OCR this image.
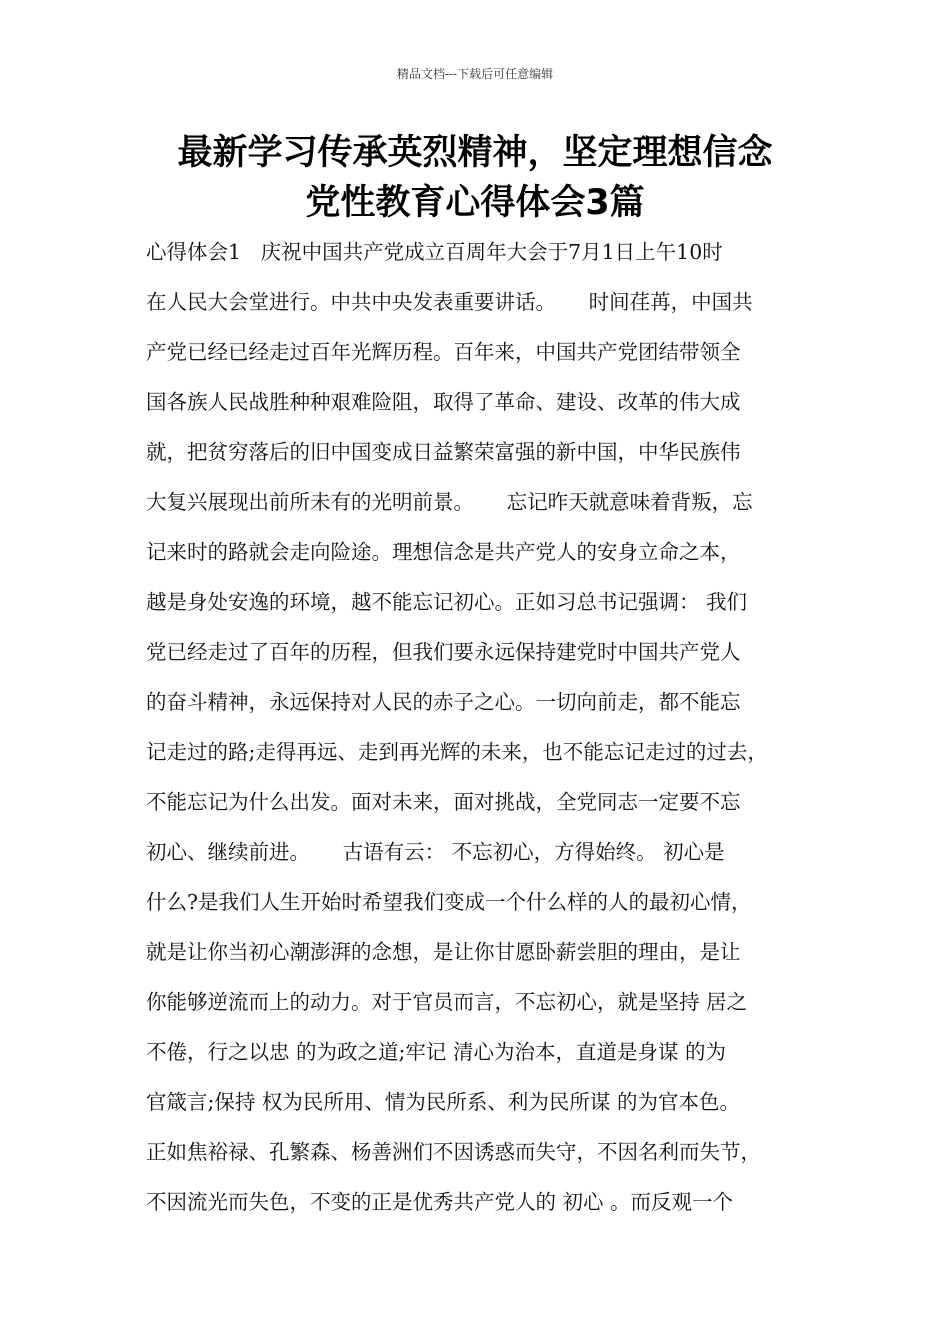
精品文档---下载后可任意编辑
最新学习传承英烈精神，坚定理想信念
党性教育心得体会3篇
心得体会1   庆祝中国共产党成立百周年大会于7月1日上午10时
在人民大会堂进行。中共中央发表重要讲话。     时间荏苒，中国共
产党已经已经走过百年光辉历程。百年来，中国共产党团结带领全
国各族人民战胜种种艰难险阻，取得了革命、建设、改革的伟大成
就，把贫穷落后的旧中国变成日益繁荣富强的新中国，中华民族伟
大复兴展现出前所未有的光明前景。     忘记昨天就意味着背叛，忘
记来时的路就会走向险途。理想信念是共产党人的安身立命之本，
越是身处安逸的环境，越不能忘记初心。正如习总书记强调： 我们
党已经走过了百年的历程，但我们要永远保持建党时中国共产党人
的奋斗精神，永远保持对人民的赤子之心。一切向前走，都不能忘
记走过的路;走得再远、走到再光辉的未来，也不能忘记走过的过去，
不能忘记为什么出发。面对未来，面对挑战，全党同志一定要不忘
初心、继续前进。     古语有云： 不忘初心，方得始终。 初心是
什么?是我们人生开始时希望我们变成一个什么样的人的最初心情，
就是让你当初心潮澎湃的念想，是让你甘愿卧薪尝胆的理由，是让
你能够逆流而上的动力。对于官员而言，不忘初心，就是坚持 居之
不倦，行之以忠 的为政之道;牢记 清心为治本，直道是身谋 的为
官箴言;保持 权为民所用、情为民所系、利为民所谋 的为官本色。
正如焦裕禄、孔繁森、杨善洲们不因诱惑而失守，不因名利而失节，
不因流光而失色，不变的正是优秀共产党人的 初心 。而反观一个
